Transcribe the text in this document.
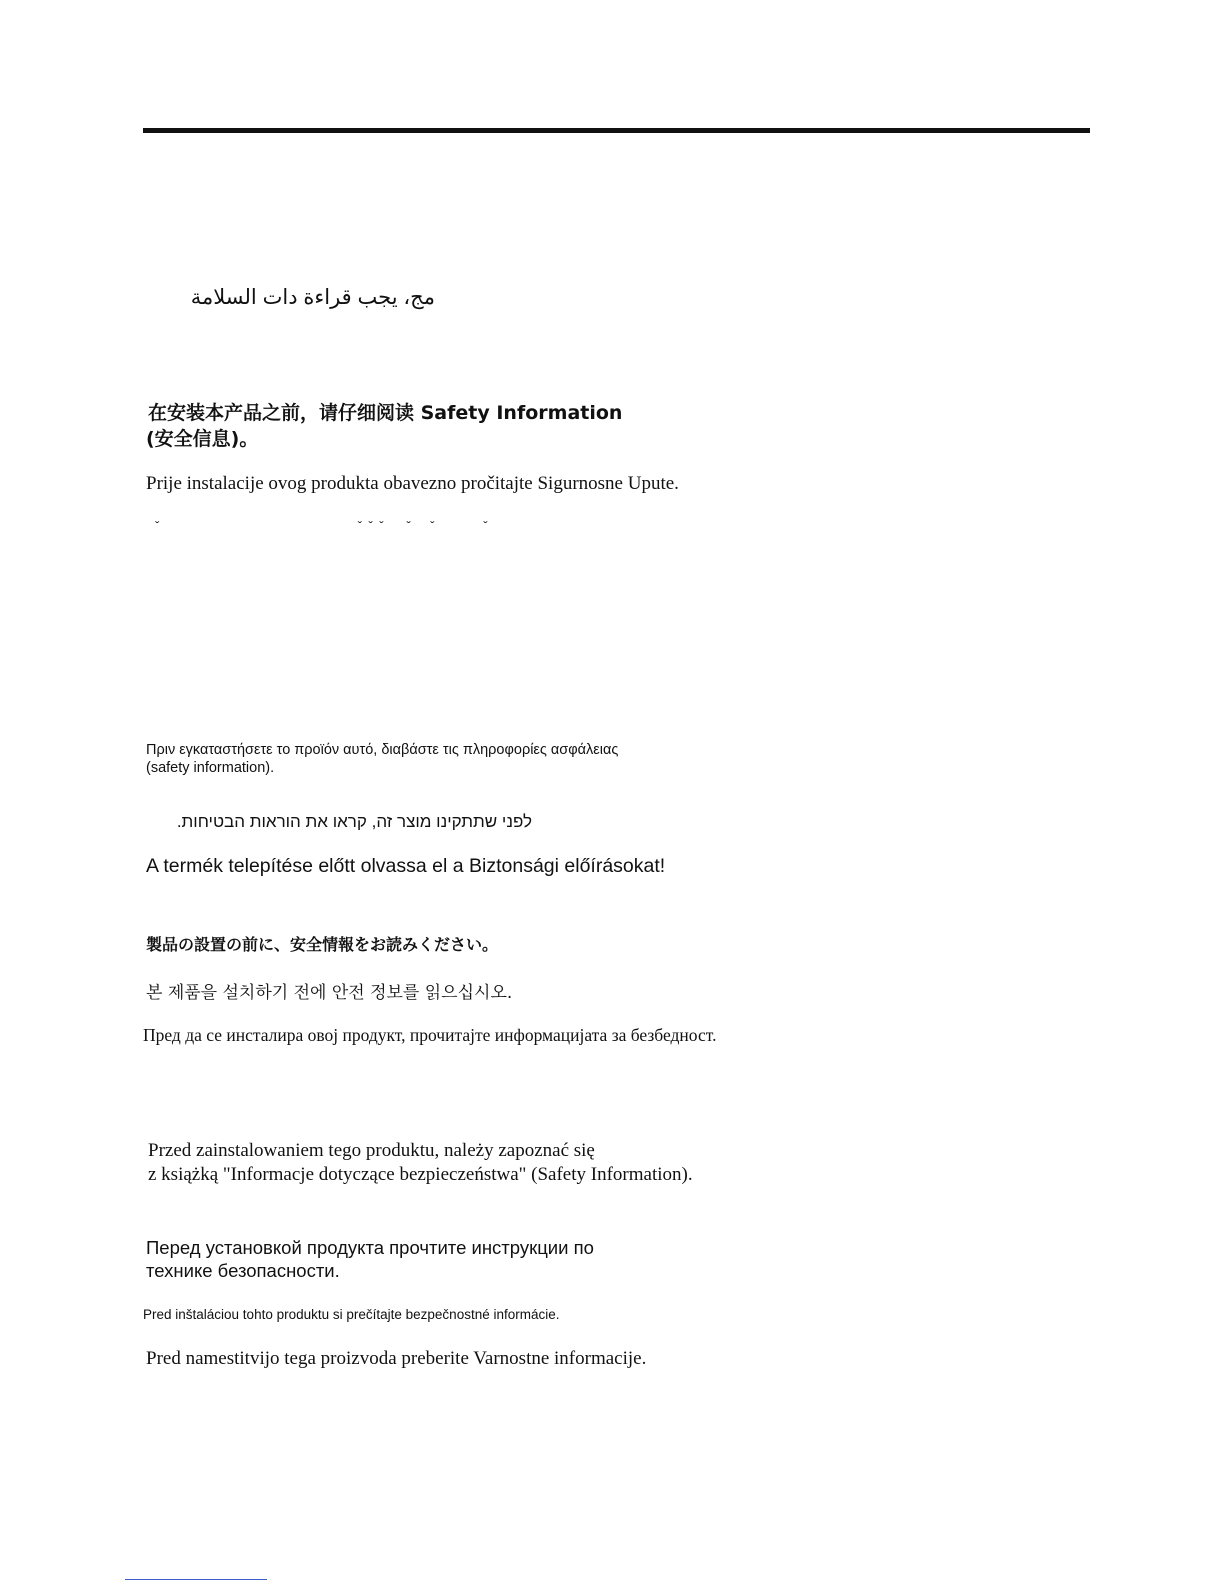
مج، يجب قراءة دات السلامة

在安装本产品之前，请仔细阅读 Safety Information

(安全信息)。

Prije instalacije ovog produkta obavezno pročitajte Sigurnosne Upute.

ˇ                                                             ˇ  ˇ  ˇ       ˇ      ˇ               ˇ

Πριν εγκαταστήσετε το προϊόν αυτό, διαβάστε τις πληροφορίες ασφάλειας

(safety information).

לפני שתתקינו מוצר זה, קראו את הוראות הבטיחות.

A termék telepítése előtt olvassa el a Biztonsági előírásokat!

製品の設置の前に、安全情報をお読みください。

본 제품을 설치하기 전에 안전 정보를 읽으십시오.

Пред да се инсталира овој продукт, прочитајте информацијата за безбедност.

Przed zainstalowaniem tego produktu, należy zapoznać się

z książką "Informacje dotyczące bezpieczeństwa" (Safety Information).

Перед установкой продукта прочтите инструкции по

технике безопасности.

Pred inštaláciou tohto produktu si prečítajte bezpečnostné informácie.

Pred namestitvijo tega proizvoda preberite Varnostne informacije.
